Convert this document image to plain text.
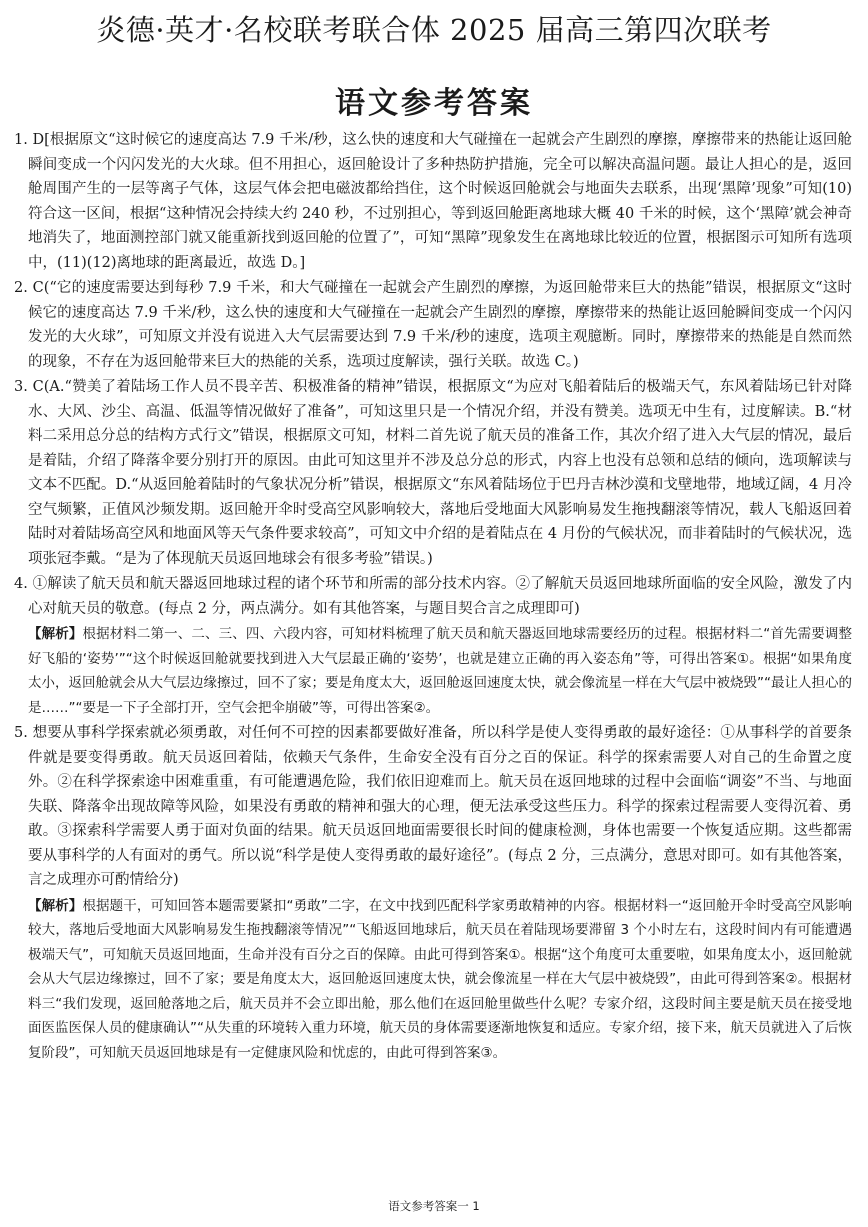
炎德·英才·名校联考联合体 2025 届高三第四次联考
语文参考答案
1. D[根据原文“这时候它的速度高达 7.9 千米/秒，这么快的速度和大气碰撞在一起就会产生剧烈的摩擦，摩擦带来的热能让返回舱瞬间变成一个闪闪发光的大火球。但不用担心，返回舱设计了多种热防护措施，完全可以解决高温问题。最让人担心的是，返回舱周围产生的一层等离子气体，这层气体会把电磁波都给挡住，这个时候返回舱就会与地面失去联系，出现‘黑障’现象”可知(10)符合这一区间，根据“这种情况会持续大约 240 秒，不过别担心，等到返回舱距离地球大概 40 千米的时候，这个‘黑障’就会神奇地消失了，地面测控部门就又能重新找到返回舱的位置了”，可知“黑障”现象发生在离地球比较近的位置，根据图示可知所有选项中，(11)(12)离地球的距离最近，故选 D。]
2. C(“它的速度需要达到每秒 7.9 千米，和大气碰撞在一起就会产生剧烈的摩擦，为返回舱带来巨大的热能”错误，根据原文“这时候它的速度高达 7.9 千米/秒，这么快的速度和大气碰撞在一起就会产生剧烈的摩擦，摩擦带来的热能让返回舱瞬间变成一个闪闪发光的大火球”，可知原文并没有说进入大气层需要达到 7.9 千米/秒的速度，选项主观臆断。同时，摩擦带来的热能是自然而然的现象，不存在为返回舱带来巨大的热能的关系，选项过度解读，强行关联。故选 C。)
3. C(A.“赞美了着陆场工作人员不畏辛苦、积极准备的精神”错误，根据原文“为应对飞船着陆后的极端天气，东风着陆场已针对降水、大风、沙尘、高温、低温等情况做好了准备”，可知这里只是一个情况介绍，并没有赞美。选项无中生有，过度解读。B.“材料二采用总分总的结构方式行文”错误，根据原文可知，材料二首先说了航天员的准备工作，其次介绍了进入大气层的情况，最后是着陆，介绍了降落伞要分别打开的原因。由此可知这里并不涉及总分总的形式，内容上也没有总领和总结的倾向，选项解读与文本不匹配。D.“从返回舱着陆时的气象状况分析”错误，根据原文“东风着陆场位于巴丹吉林沙漠和戈壁地带，地域辽阔，4 月冷空气频繁，正值风沙频发期。返回舱开伞时受高空风影响较大，落地后受地面大风影响易发生拖拽翻滚等情况，载人飞船返回着陆时对着陆场高空风和地面风等天气条件要求较高”，可知文中介绍的是着陆点在 4 月份的气候状况，而非着陆时的气候状况，选项张冠李戴。“是为了体现航天员返回地球会有很多考验”错误。)
4. ①解读了航天员和航天器返回地球过程的诸个环节和所需的部分技术内容。②了解航天员返回地球所面临的安全风险，激发了内心对航天员的敬意。(每点 2 分，两点满分。如有其他答案，与题目契合言之成理即可)
【解析】根据材料二第一、二、三、四、六段内容，可知材料梳理了航天员和航天器返回地球需要经历的过程。根据材料二“首先需要调整好飞船的‘姿势’”“这个时候返回舱就要找到进入大气层最正确的‘姿势’，也就是建立正确的再入姿态角”等，可得出答案①。根据“如果角度太小，返回舱就会从大气层边缘擦过，回不了家；要是角度太大，返回舱返回速度太快，就会像流星一样在大气层中被烧毁”“最让人担心的是……”“要是一下子全部打开，空气会把伞崩破”等，可得出答案②。
5. 想要从事科学探索就必须勇敢，对任何不可控的因素都要做好准备，所以科学是使人变得勇敢的最好途径：①从事科学的首要条件就是要变得勇敢。航天员返回着陆，依赖天气条件，生命安全没有百分之百的保证。科学的探索需要人对自己的生命置之度外。②在科学探索途中困难重重，有可能遭遇危险，我们依旧迎难而上。航天员在返回地球的过程中会面临“调姿”不当、与地面失联、降落伞出现故障等风险，如果没有勇敢的精神和强大的心理，便无法承受这些压力。科学的探索过程需要人变得沉着、勇敢。③探索科学需要人勇于面对负面的结果。航天员返回地面需要很长时间的健康检测，身体也需要一个恢复适应期。这些都需要从事科学的人有面对的勇气。所以说“科学是使人变得勇敢的最好途径”。(每点 2 分，三点满分，意思对即可。如有其他答案，言之成理亦可酌情给分)
【解析】根据题干，可知回答本题需要紧扣“勇敢”二字，在文中找到匹配科学家勇敢精神的内容。根据材料一“返回舱开伞时受高空风影响较大，落地后受地面大风影响易发生拖拽翻滚等情况”“飞船返回地球后，航天员在着陆现场要滞留 3 个小时左右，这段时间内有可能遭遇极端天气”，可知航天员返回地面，生命并没有百分之百的保障。由此可得到答案①。根据“这个角度可太重要啦，如果角度太小，返回舱就会从大气层边缘擦过，回不了家；要是角度太大，返回舱返回速度太快，就会像流星一样在大气层中被烧毁”，由此可得到答案②。根据材料三“我们发现，返回舱落地之后，航天员并不会立即出舱，那么他们在返回舱里做些什么呢？专家介绍，这段时间主要是航天员在接受地面医监医保人员的健康确认”“从失重的环境转入重力环境，航天员的身体需要逐渐地恢复和适应。专家介绍，接下来，航天员就进入了后恢复阶段”，可知航天员返回地球是有一定健康风险和忧虑的，由此可得到答案③。
语文参考答案一 1
